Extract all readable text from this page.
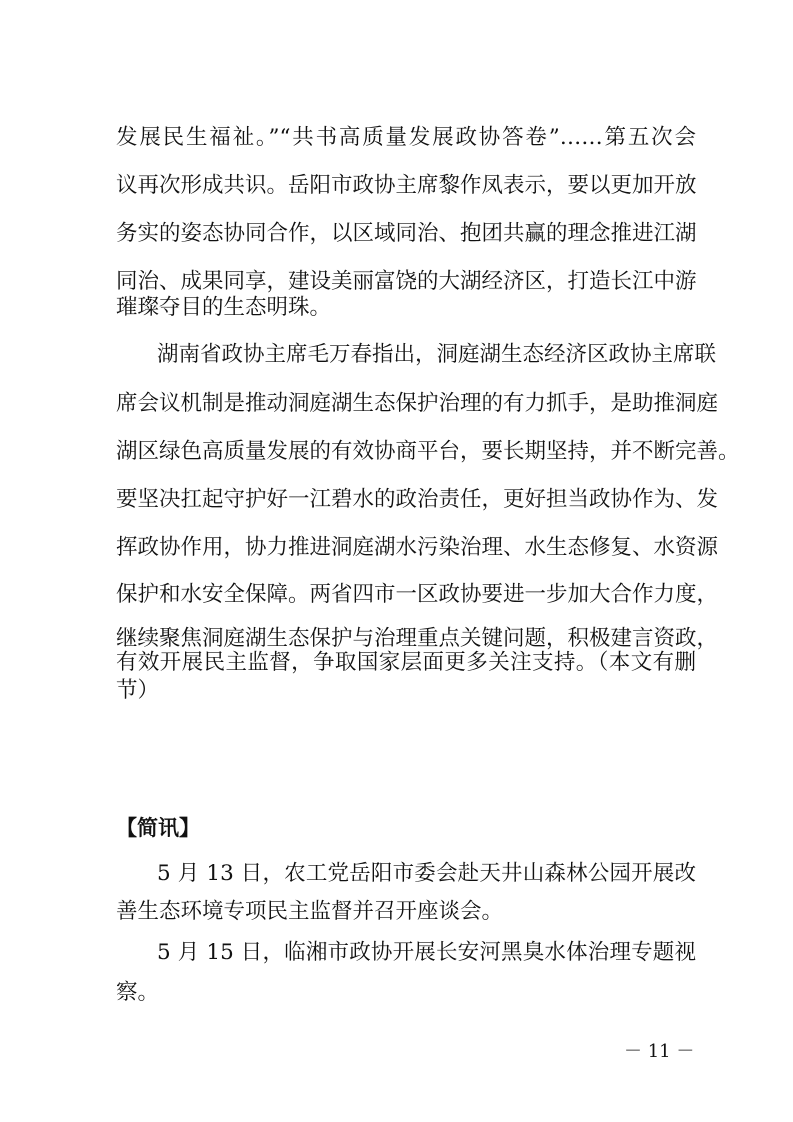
发展民生福祉。”“共书高质量发展政协答卷”……第五次会
议再次形成共识。岳阳市政协主席黎作凤表示，要以更加开放
务实的姿态协同合作，以区域同治、抱团共赢的理念推进江湖
同治、成果同享，建设美丽富饶的大湖经济区，打造长江中游
璀璨夺目的生态明珠。
湖南省政协主席毛万春指出，洞庭湖生态经济区政协主席联
席会议机制是推动洞庭湖生态保护治理的有力抓手，是助推洞庭
湖区绿色高质量发展的有效协商平台，要长期坚持，并不断完善。
要坚决扛起守护好一江碧水的政治责任，更好担当政协作为、发
挥政协作用，协力推进洞庭湖水污染治理、水生态修复、水资源
保护和水安全保障。两省四市一区政协要进一步加大合作力度，
继续聚焦洞庭湖生态保护与治理重点关键问题，积极建言资政，
有效开展民主监督，争取国家层面更多关注支持。（本文有删
节）
【简讯】
5 月 13 日，农工党岳阳市委会赴天井山森林公园开展改
善生态环境专项民主监督并召开座谈会。
5 月 15 日，临湘市政协开展长安河黑臭水体治理专题视
察。
－ 11 －
